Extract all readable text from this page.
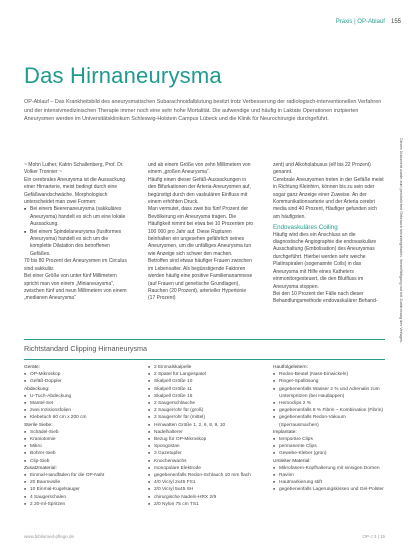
Praxis | OP-Ablauf 155
Das Hirnaneurysma

OP-Ablauf – Das Krankheitsbild des aneurysmatischen Subarachnoidalblutung besitzt trotz Verbesserung der radiologisch-interventionellen Verfahren und der intensivmedizinischen Therapie immer noch eine sehr hohe Mortalität. Die aufwendige und häufig in Laktate Operationen inzipierten Aneurysmen werden im Universitätsklinikum Schleswig-Holstein Campus Lübeck und die Klinik für Neurochirurgie durchgeführt.

Dieses Dokument wurde zum persönlichen Gebrauch heruntergeladen. Vervielfältigung nur mit Zustimmung des Verlages.

~ Mohn Luther, Katrin Schallenberg, Prof. Dr. Volker Tronnier ~

Ein cerebrales Aneurysma ist die Aussackung einer Hirnarterie, meist bedingt durch eine Gefäßwandschwäche. Morphologisch unterscheidet man zwei Formen:

■ Bei einem Beerenaneurysma (sakkuläres Aneurysma) handelt es sich um eine lokale Aussackung.
■ Bei einem Spindelaneurysma (fusiformes Aneurysma) handelt es sich um die komplette Dilatation des betroffenen Gefäßes.

70 bis 80 Prozent der Aneurysmen im Circulus sind sakkulär.

Bei einer Größe von unter fünf Millimetern spricht man von einem „Minianeurysma“, zwischen fünf und neun Millimetern von einem „medianen Aneurysma“

und ab einem Größe von zehn Millimetern von einem „großen Aneurysma“.

Häufig einen dieser Gefäß-Aussackungen in den Bifurkationen der Arteria-Aneurysmen auf, begünstigt durch den vaskulären Einfluss mit einem erhöhten Druck.

Man vermutet, dass zwei bis fünf Prozent der Bevölkerung ein Aneurysma tragen. Die Häufigkeit nimmt bei etwa bei 10 Prozenten pro 100 000 pro Jahr auf. Diese Rupturen beinhalten ein ungesehen gefährlich seines Aneurysmen, um die unfälliges Aneurysma tun wie Anzeige sich schwer den machen.

Betroffen sind etwas häufiger Frauen zwischen im Lebensalter. Als begünstigende Faktoren werden häufig eine positive Familienanamnese (auf Frauen und genetische Grundlagen), Rauchen (20 Prozent), arterieller Hypertonie (17 Prozent)

zent) und Alkoholabusus (elf bis 22 Prozent) genannt.

Cerebrale Aneurysmen treten in der Gefäße meist in Richtung Kleinhirn, können bis zu sein oder sogar ganz Anzeige einer Zuweise. An der Kommunikationsarterie und der Arteria cerebri media sind 40 Prozent, Häufiger gefunden sich am häufigsten.

Endovaskuläres Coiling

Häufig wird dies ein Anschluss an die diagnostische Angiographie die endovaskuläre Ausschaltung (Embolisation) des Aneurysmas durchgeführt. Hierbei werden sehr weiche Platinspiralen (sogenannte Coils) in das Aneurysma mit Hilfe eines Katheters einmonitorgesteuert, die den Blutfluss im Aneurysma stoppen.

Bei den 10 Prozent der Fälle nach dieser Behandlungsmethode endovaskulärer Behand-

Richtstandard Clipping Hirnaneurysma
Geräte:
■ OP-Mikroskop
■ Gefäß-Doppler
Abdeckung:
■ U-Tuch-Abdeckung
■ Mantel-Set
■ zwei Inzisionsfolien
■ Klebetuch 60 cm x 200 cm
Sterile Siebe:
■ Schädel-Sieb
■ Kraniotomie
■ Mikro
■ Bohrer-Sieb
■ Clip-Sieb
Zusatzmaterial:
■ Einmal-Handfäden für die OP-Naht
■ 20 Baumwolle
■ 10 Einmal-Kugelsauger
■ 4 Saugerschalen
■ 2 20-ml-Spritzen
■ 2 Einmalskalpelle
■ 2 Spatel für Langespatel
■ Skalpell Größe 10
■ Skalpell Größe 11
■ Skalpell Größe 15
■ 2 Saugerschläuche
■ 2 Saugerrohr für (groß)
■ 2 Saugerrohr für (mittel)
■ Hirnwatten Größe 1, 2, 6, 8, 9, 10
■ Nadelhalterer
■ Bezug für OP-Mikroskop
■ Spongostan
■ 3 Gazetupfer
■ Knochenwachs
■ monopolare Elektrode
■ gegebenenfalls Redon-Schlauch 10 mm flach
■ 4/0 Vicryl 2x45 FS1
■ 2/0 Vicryl 5x45 SH
■ chirurgische Nadeln-HRX 2/9
■ 2/0 Nylon 75 cm TS1
Hautfolgeleitern:
■ Redon-Beutel (Nass-Einwickeln)
■ Ringer-Spüllösung
■ gegebenenfalls Wasser 2 % und Adrenalin zum Unterspritzen (bei Hautlappen)
■ Hemoclips 2 %
■ gegebenenfalls 8 % Fibrin – Kombination (Fibrin)
■ gegebenenfalls Redon-Vakuum (Sperrausmachen)
Implantate:
■ temporäre Clips
■ permanente Clips
■ Gewebe-Kleber (grün)
Umleiter Material:
■ Mikrofasern-Kopfhalterung mit sinnigen Dornen
■ Ravinn
■ Hautmarkierung stift
■ gegebenenfalls Lagerungskissen und Gel-Polster
www.bibliomed-pflege.de	OP-J 3 | 15
